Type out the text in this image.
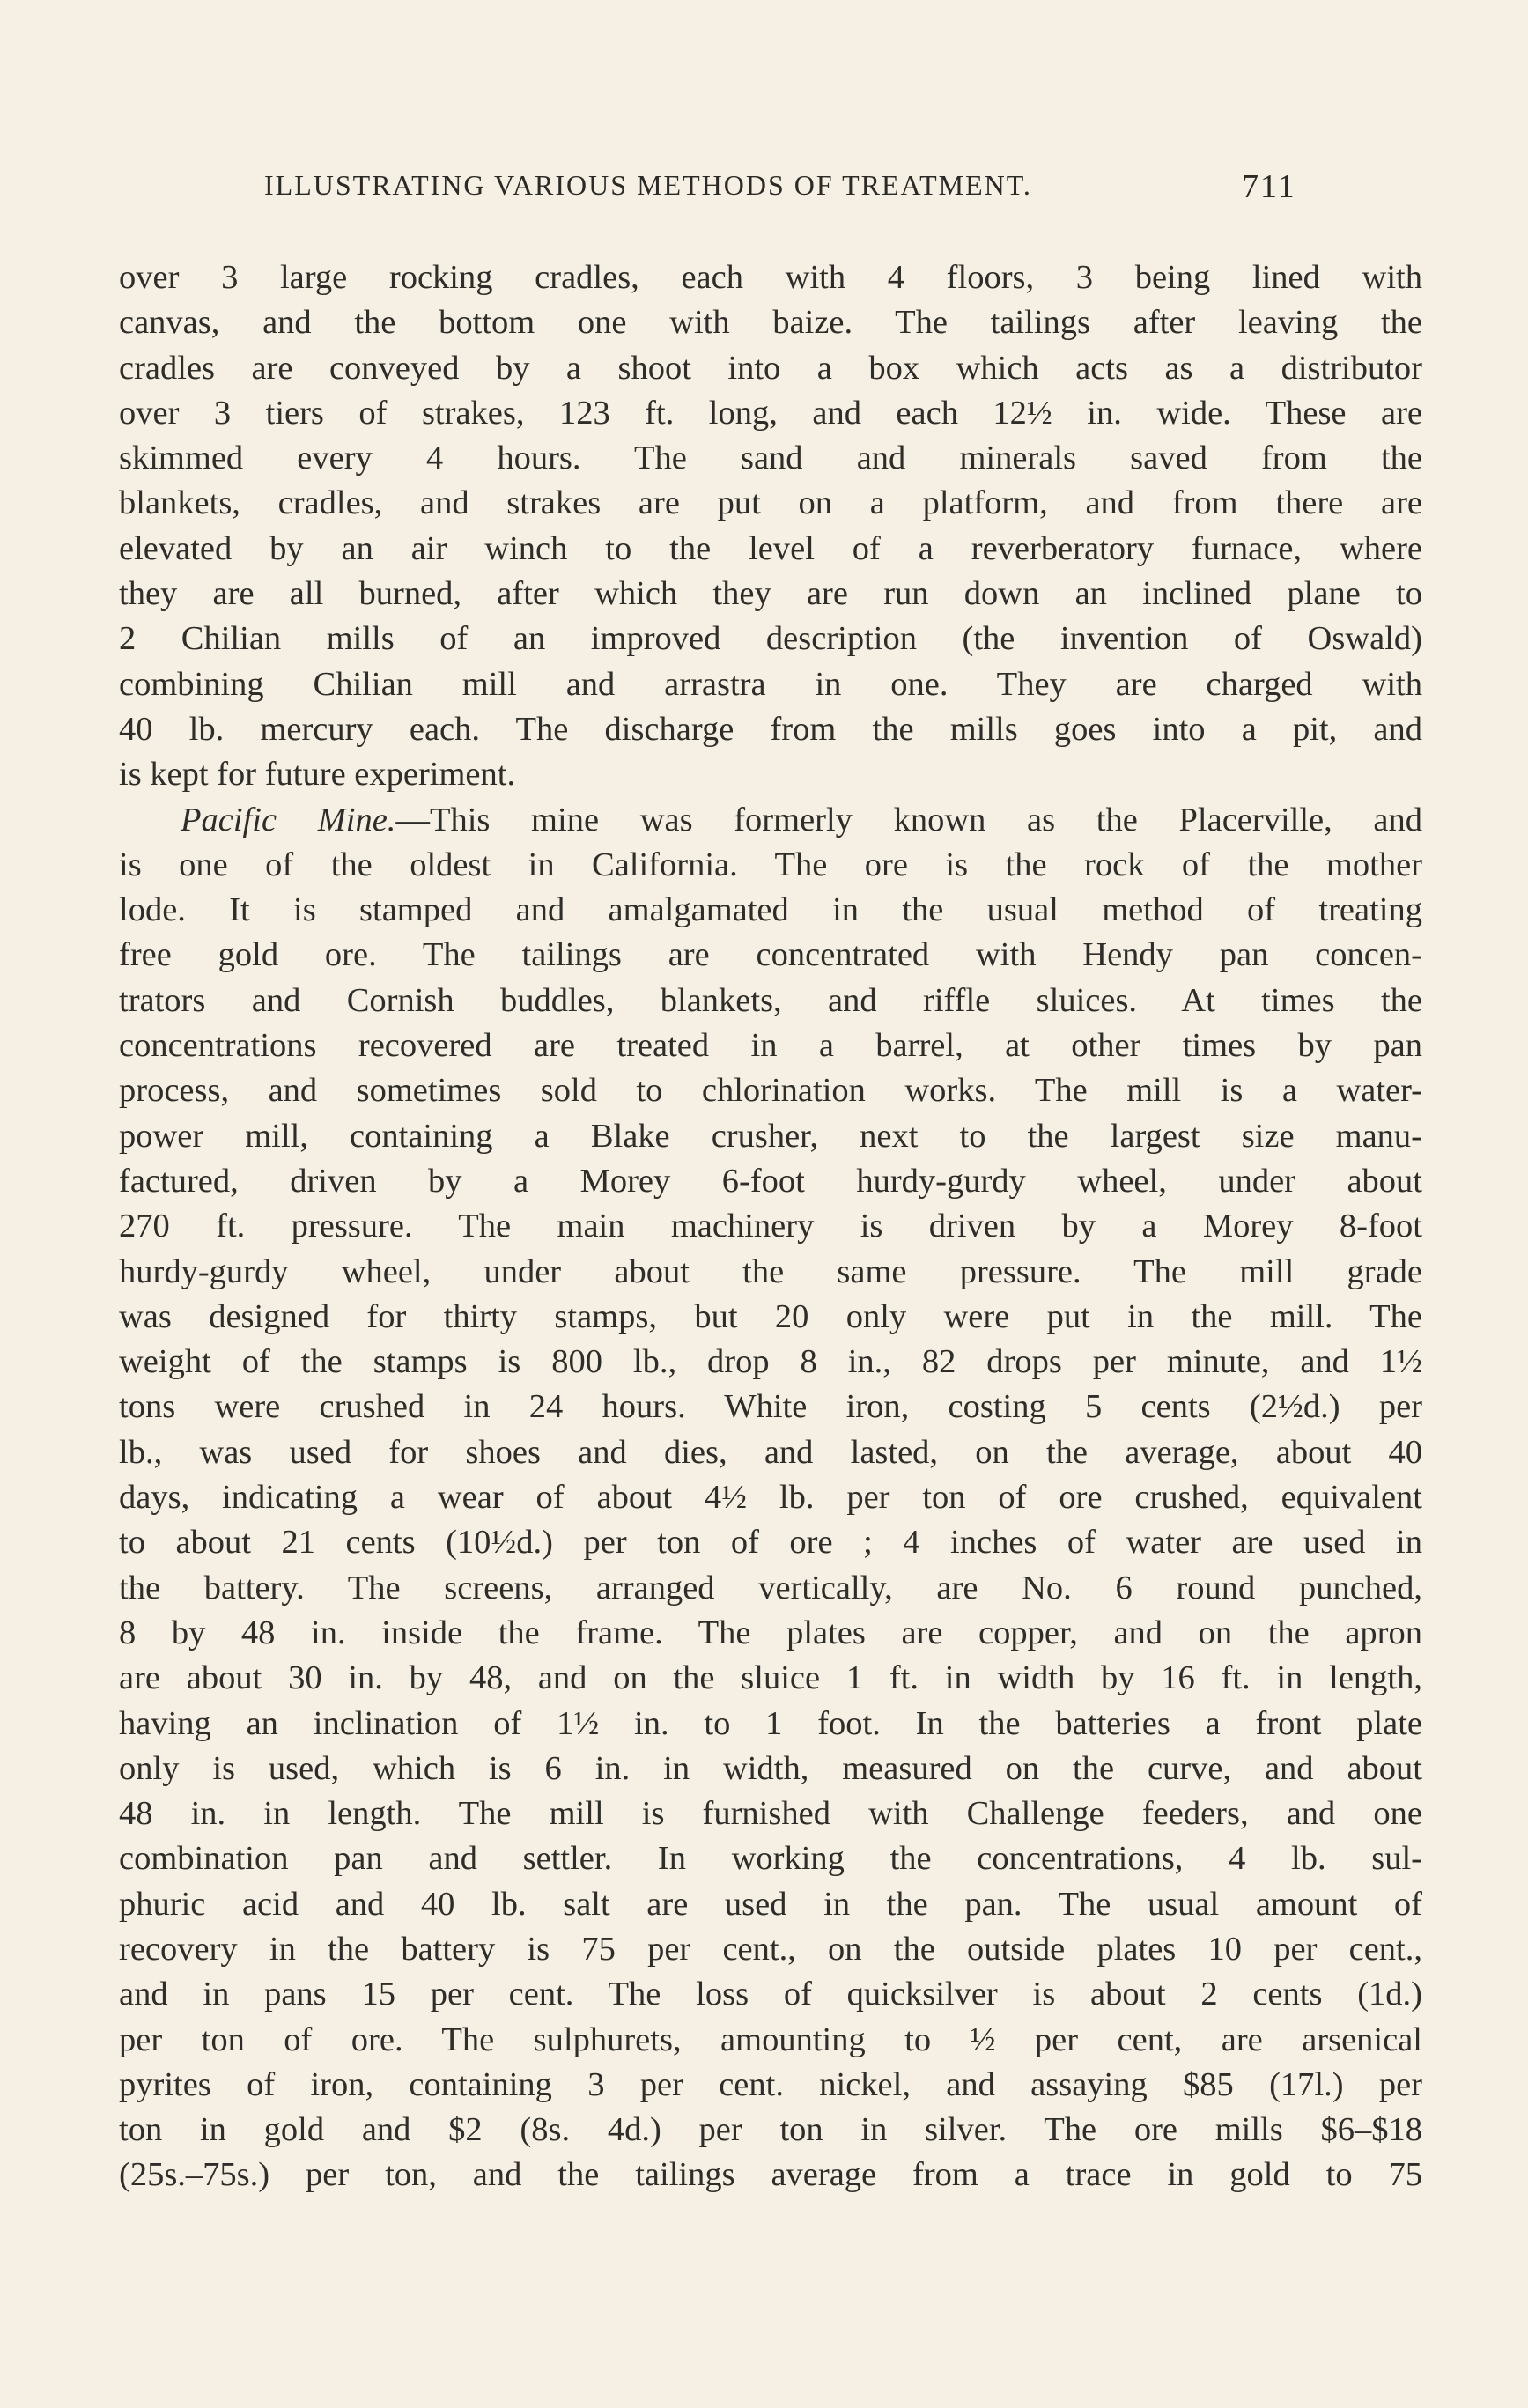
ILLUSTRATING VARIOUS METHODS OF TREATMENT.	711
over 3 large rocking cradles, each with 4 floors, 3 being lined with
canvas, and the bottom one with baize. The tailings after leaving the
cradles are conveyed by a shoot into a box which acts as a distributor
over 3 tiers of strakes, 123 ft. long, and each 12½ in. wide. These are
skimmed every 4 hours. The sand and minerals saved from the
blankets, cradles, and strakes are put on a platform, and from there are
elevated by an air winch to the level of a reverberatory furnace, where
they are all burned, after which they are run down an inclined plane to
2 Chilian mills of an improved description (the invention of Oswald)
combining Chilian mill and arrastra in one. They are charged with
40 lb. mercury each. The discharge from the mills goes into a pit, and
is kept for future experiment.
Pacific Mine.—This mine was formerly known as the Placerville, and
is one of the oldest in California. The ore is the rock of the mother
lode. It is stamped and amalgamated in the usual method of treating
free gold ore. The tailings are concentrated with Hendy pan concen-
trators and Cornish buddles, blankets, and riffle sluices. At times the
concentrations recovered are treated in a barrel, at other times by pan
process, and sometimes sold to chlorination works. The mill is a water-
power mill, containing a Blake crusher, next to the largest size manu-
factured, driven by a Morey 6-foot hurdy-gurdy wheel, under about
270 ft. pressure. The main machinery is driven by a Morey 8-foot
hurdy-gurdy wheel, under about the same pressure. The mill grade
was designed for thirty stamps, but 20 only were put in the mill. The
weight of the stamps is 800 lb., drop 8 in., 82 drops per minute, and 1½
tons were crushed in 24 hours. White iron, costing 5 cents (2½d.) per
lb., was used for shoes and dies, and lasted, on the average, about 40
days, indicating a wear of about 4½ lb. per ton of ore crushed, equivalent
to about 21 cents (10½d.) per ton of ore ; 4 inches of water are used in
the battery. The screens, arranged vertically, are No. 6 round punched,
8 by 48 in. inside the frame. The plates are copper, and on the apron
are about 30 in. by 48, and on the sluice 1 ft. in width by 16 ft. in length,
having an inclination of 1½ in. to 1 foot. In the batteries a front plate
only is used, which is 6 in. in width, measured on the curve, and about
48 in. in length. The mill is furnished with Challenge feeders, and one
combination pan and settler. In working the concentrations, 4 lb. sul-
phuric acid and 40 lb. salt are used in the pan. The usual amount of
recovery in the battery is 75 per cent., on the outside plates 10 per cent.,
and in pans 15 per cent. The loss of quicksilver is about 2 cents (1d.)
per ton of ore. The sulphurets, amounting to ½ per cent, are arsenical
pyrites of iron, containing 3 per cent. nickel, and assaying $85 (17l.) per
ton in gold and $2 (8s. 4d.) per ton in silver. The ore mills $6–$18
(25s.–75s.) per ton, and the tailings average from a trace in gold to 75
